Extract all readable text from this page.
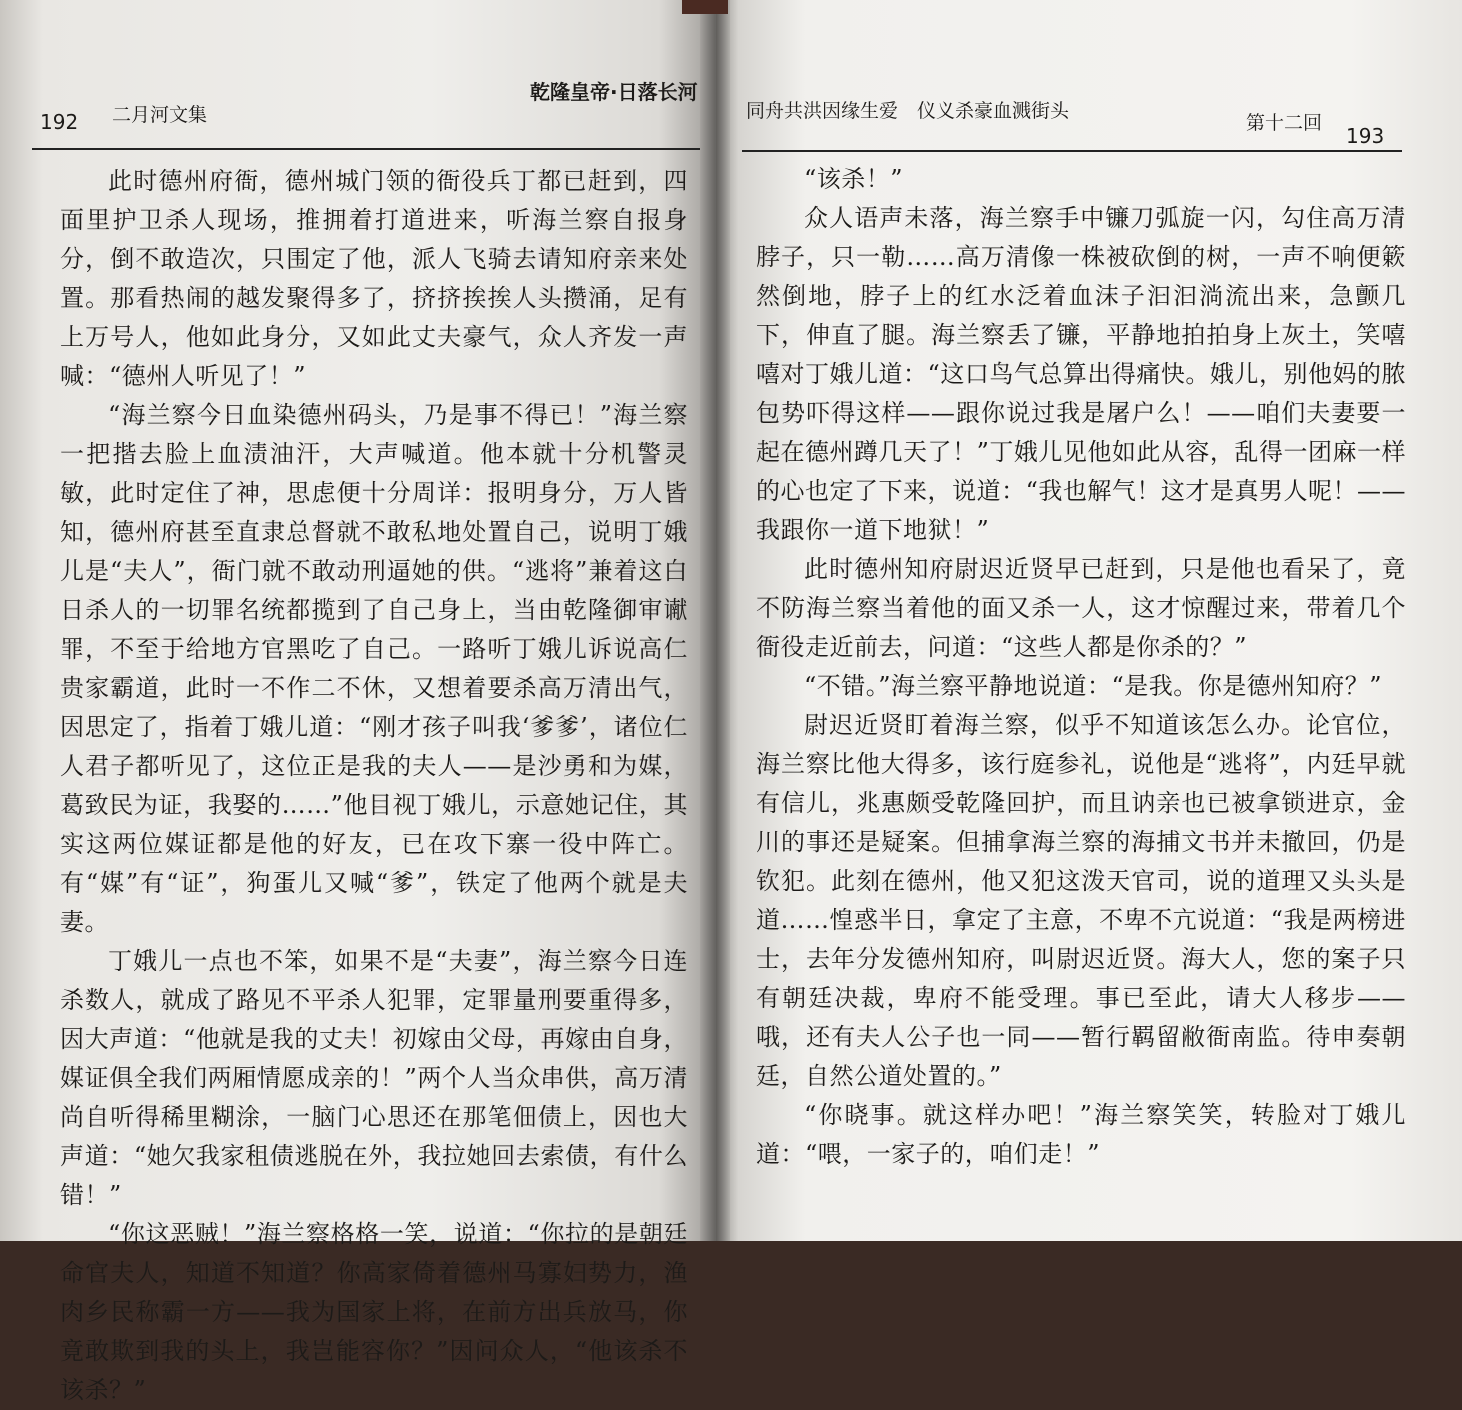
192 二月河文集
乾隆皇帝·日落长河

此时德州府衙，德州城门领的衙役兵丁都已赶到，四面里护卫杀人现场，推拥着打道进来，听海兰察自报身分，倒不敢造次，只围定了他，派人飞骑去请知府亲来处置。那看热闹的越发聚得多了，挤挤挨挨人头攒涌，足有上万号人，他如此身分，又如此丈夫豪气，众人齐发一声喊：“德州人听见了！”

“海兰察今日血染德州码头，乃是事不得已！”海兰察一把揩去脸上血渍油汗，大声喊道。他本就十分机警灵敏，此时定住了神，思虑便十分周详：报明身分，万人皆知，德州府甚至直隶总督就不敢私地处置自己，说明丁娥儿是“夫人”，衙门就不敢动刑逼她的供。“逃将”兼着这白日杀人的一切罪名统都揽到了自己身上，当由乾隆御审谳罪，不至于给地方官黑吃了自己。一路听丁娥儿诉说高仁贵家霸道，此时一不作二不休，又想着要杀高万清出气，因思定了，指着丁娥儿道：“刚才孩子叫我‘爹爹’，诸位仁人君子都听见了，这位正是我的夫人——是沙勇和为媒，葛致民为证，我娶的……”他目视丁娥儿，示意她记住，其实这两位媒证都是他的好友，已在攻下寨一役中阵亡。有“媒”有“证”，狗蛋儿又喊“爹”，铁定了他两个就是夫妻。

丁娥儿一点也不笨，如果不是“夫妻”，海兰察今日连杀数人，就成了路见不平杀人犯罪，定罪量刑要重得多，因大声道：“他就是我的丈夫！初嫁由父母，再嫁由自身，媒证俱全我们两厢情愿成亲的！”两个人当众串供，高万清尚自听得稀里糊涂，一脑门心思还在那笔佃债上，因也大声道：“她欠我家租债逃脱在外，我拉她回去索债，有什么错！”

“你这恶贼！”海兰察格格一笑，说道：“你拉的是朝廷命官夫人，知道不知道？你高家倚着德州马寡妇势力，渔肉乡民称霸一方——我为国家上将，在前方出兵放马，你竟敢欺到我的头上，我岂能容你？”因问众人，“他该杀不该杀？”

同舟共洪因缘生爱　仪义杀豪血溅街头
第十二回
193

“该杀！”

众人语声未落，海兰察手中镰刀弧旋一闪，勾住高万清脖子，只一勒……高万清像一株被砍倒的树，一声不响便簌然倒地，脖子上的红水泛着血沫子汩汩淌流出来，急颤几下，伸直了腿。海兰察丢了镰，平静地拍拍身上灰土，笑嘻嘻对丁娥儿道：“这口鸟气总算出得痛快。娥儿，别他妈的脓包势吓得这样——跟你说过我是屠户么！——咱们夫妻要一起在德州蹲几天了！”丁娥儿见他如此从容，乱得一团麻一样的心也定了下来，说道：“我也解气！这才是真男人呢！——我跟你一道下地狱！”

此时德州知府尉迟近贤早已赶到，只是他也看呆了，竟不防海兰察当着他的面又杀一人，这才惊醒过来，带着几个衙役走近前去，问道：“这些人都是你杀的？”

“不错。”海兰察平静地说道：“是我。你是德州知府？”

尉迟近贤盯着海兰察，似乎不知道该怎么办。论官位，海兰察比他大得多，该行庭参礼，说他是“逃将”，内廷早就有信儿，兆惠颇受乾隆回护，而且讷亲也已被拿锁进京，金川的事还是疑案。但捕拿海兰察的海捕文书并未撤回，仍是钦犯。此刻在德州，他又犯这泼天官司，说的道理又头头是道……惶惑半日，拿定了主意，不卑不亢说道：“我是两榜进士，去年分发德州知府，叫尉迟近贤。海大人，您的案子只有朝廷决裁，卑府不能受理。事已至此，请大人移步——哦，还有夫人公子也一同——暂行羁留敝衙南监。待申奏朝廷，自然公道处置的。”

“你晓事。就这样办吧！”海兰察笑笑，转脸对丁娥儿道：“喂，一家子的，咱们走！”
